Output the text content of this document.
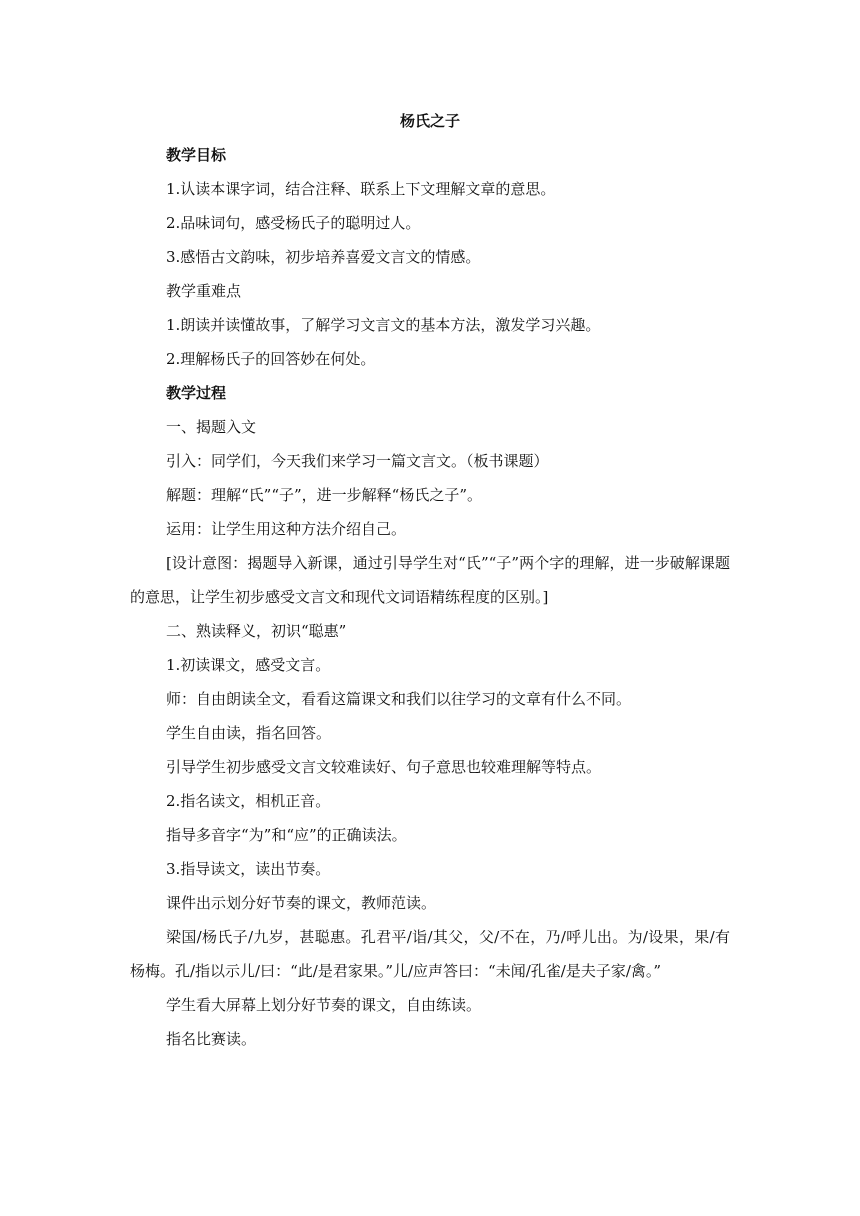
杨氏之子
教学目标
1.认读本课字词，结合注释、联系上下文理解文章的意思。
2.品味词句，感受杨氏子的聪明过人。
3.感悟古文韵味，初步培养喜爱文言文的情感。
教学重难点
1.朗读并读懂故事，了解学习文言文的基本方法，激发学习兴趣。
2.理解杨氏子的回答妙在何处。
教学过程
一、揭题入文
引入：同学们，今天我们来学习一篇文言文。（板书课题）
解题：理解“氏”“子”，进一步解释“杨氏之子”。
运用：让学生用这种方法介绍自己。
[设计意图：揭题导入新课，通过引导学生对“氏”“子”两个字的理解，进一步破解课题的意思，让学生初步感受文言文和现代文词语精练程度的区别。]
二、熟读释义，初识“聪惠”
1.初读课文，感受文言。
师：自由朗读全文，看看这篇课文和我们以往学习的文章有什么不同。
学生自由读，指名回答。
引导学生初步感受文言文较难读好、句子意思也较难理解等特点。
2.指名读文，相机正音。
指导多音字“为”和“应”的正确读法。
3.指导读文，读出节奏。
课件出示划分好节奏的课文，教师范读。
梁国/杨氏子/九岁，甚聪惠。孔君平/诣/其父，父/不在，乃/呼儿出。为/设果，果/有杨梅。孔/指以示儿/曰：“此/是君家果。”儿/应声答曰：“未闻/孔雀/是夫子家/禽。”
学生看大屏幕上划分好节奏的课文，自由练读。
指名比赛读。
